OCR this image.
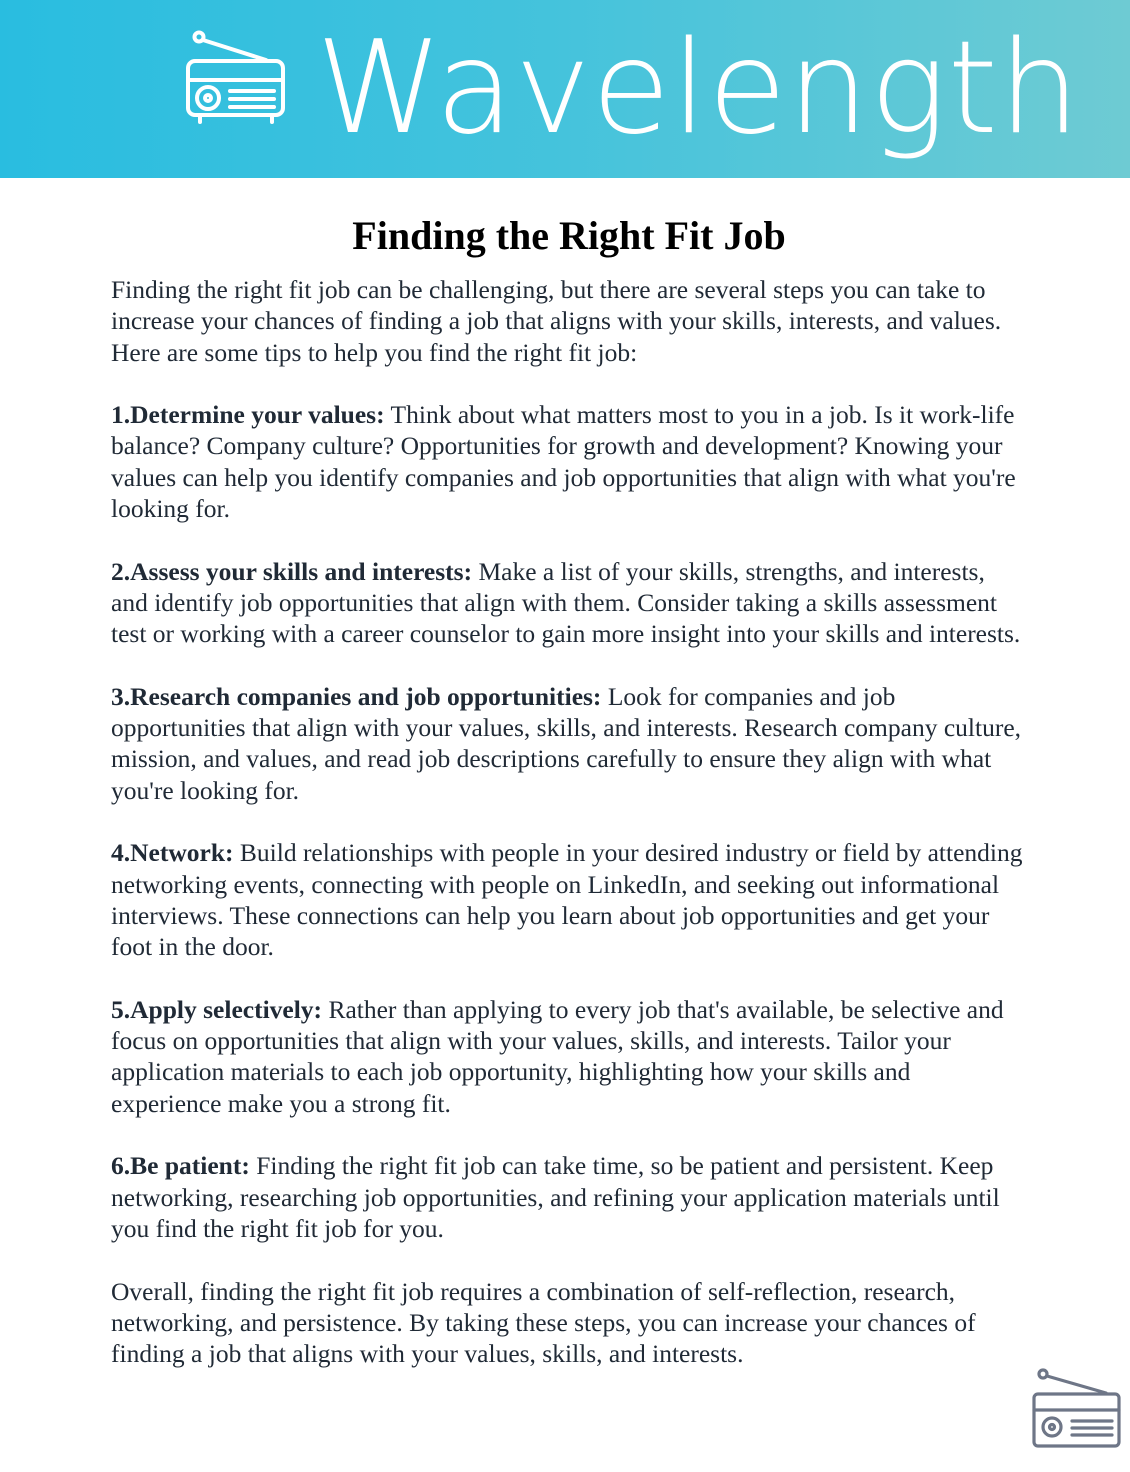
Wavelength
Finding the Right Fit Job

Finding the right fit job can be challenging, but there are several steps you can take to increase your chances of finding a job that aligns with your skills, interests, and values. Here are some tips to help you find the right fit job:

1.Determine your values: Think about what matters most to you in a job. Is it work-life balance? Company culture? Opportunities for growth and development? Knowing your values can help you identify companies and job opportunities that align with what you're looking for.

2.Assess your skills and interests: Make a list of your skills, strengths, and interests, and identify job opportunities that align with them. Consider taking a skills assessment test or working with a career counselor to gain more insight into your skills and interests.

3.Research companies and job opportunities: Look for companies and job opportunities that align with your values, skills, and interests. Research company culture, mission, and values, and read job descriptions carefully to ensure they align with what you're looking for.

4.Network: Build relationships with people in your desired industry or field by attending networking events, connecting with people on LinkedIn, and seeking out informational interviews. These connections can help you learn about job opportunities and get your foot in the door.

5.Apply selectively: Rather than applying to every job that's available, be selective and focus on opportunities that align with your values, skills, and interests. Tailor your application materials to each job opportunity, highlighting how your skills and experience make you a strong fit.

6.Be patient: Finding the right fit job can take time, so be patient and persistent. Keep networking, researching job opportunities, and refining your application materials until you find the right fit job for you.

Overall, finding the right fit job requires a combination of self-reflection, research, networking, and persistence. By taking these steps, you can increase your chances of finding a job that aligns with your values, skills, and interests.
